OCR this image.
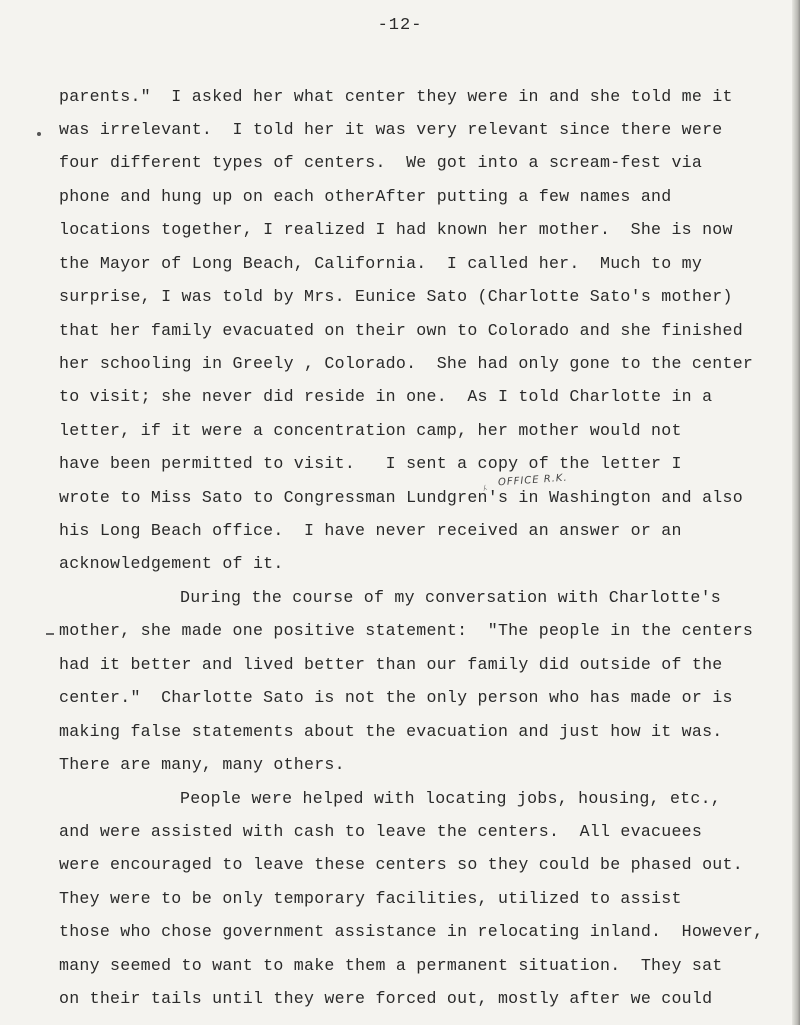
-12-
parents."  I asked her what center they were in and she told me it
was irrelevant.  I told her it was very relevant since there were
four different types of centers.  We got into a scream-fest via
phone and hung up on each otherAfter putting a few names and
locations together, I realized I had known her mother.  She is now
the Mayor of Long Beach, California.  I called her.  Much to my
surprise, I was told by Mrs. Eunice Sato (Charlotte Sato's mother)
that her family evacuated on their own to Colorado and she finished
her schooling in Greely , Colorado.  She had only gone to the center
to visit; she never did reside in one.  As I told Charlotte in a
letter, if it were a concentration camp, her mother would not
have been permitted to visit.   I sent a copy of the letter I
wrote to Miss Sato to Congressman Lundgren's in Washington and also
his Long Beach office.  I have never received an answer or an
acknowledgement of it.
During the course of my conversation with Charlotte's
mother, she made one positive statement:  "The people in the centers
had it better and lived better than our family did outside of the
center."  Charlotte Sato is not the only person who has made or is
making false statements about the evacuation and just how it was.
There are many, many others.
People were helped with locating jobs, housing, etc.,
and were assisted with cash to leave the centers.  All evacuees
were encouraged to leave these centers so they could be phased out.
They were to be only temporary facilities, utilized to assist
those who chose government assistance in relocating inland.  However,
many seemed to want to make them a permanent situation.  They sat
on their tails until they were forced out, mostly after we could
⁁ OFFICE R.K.
